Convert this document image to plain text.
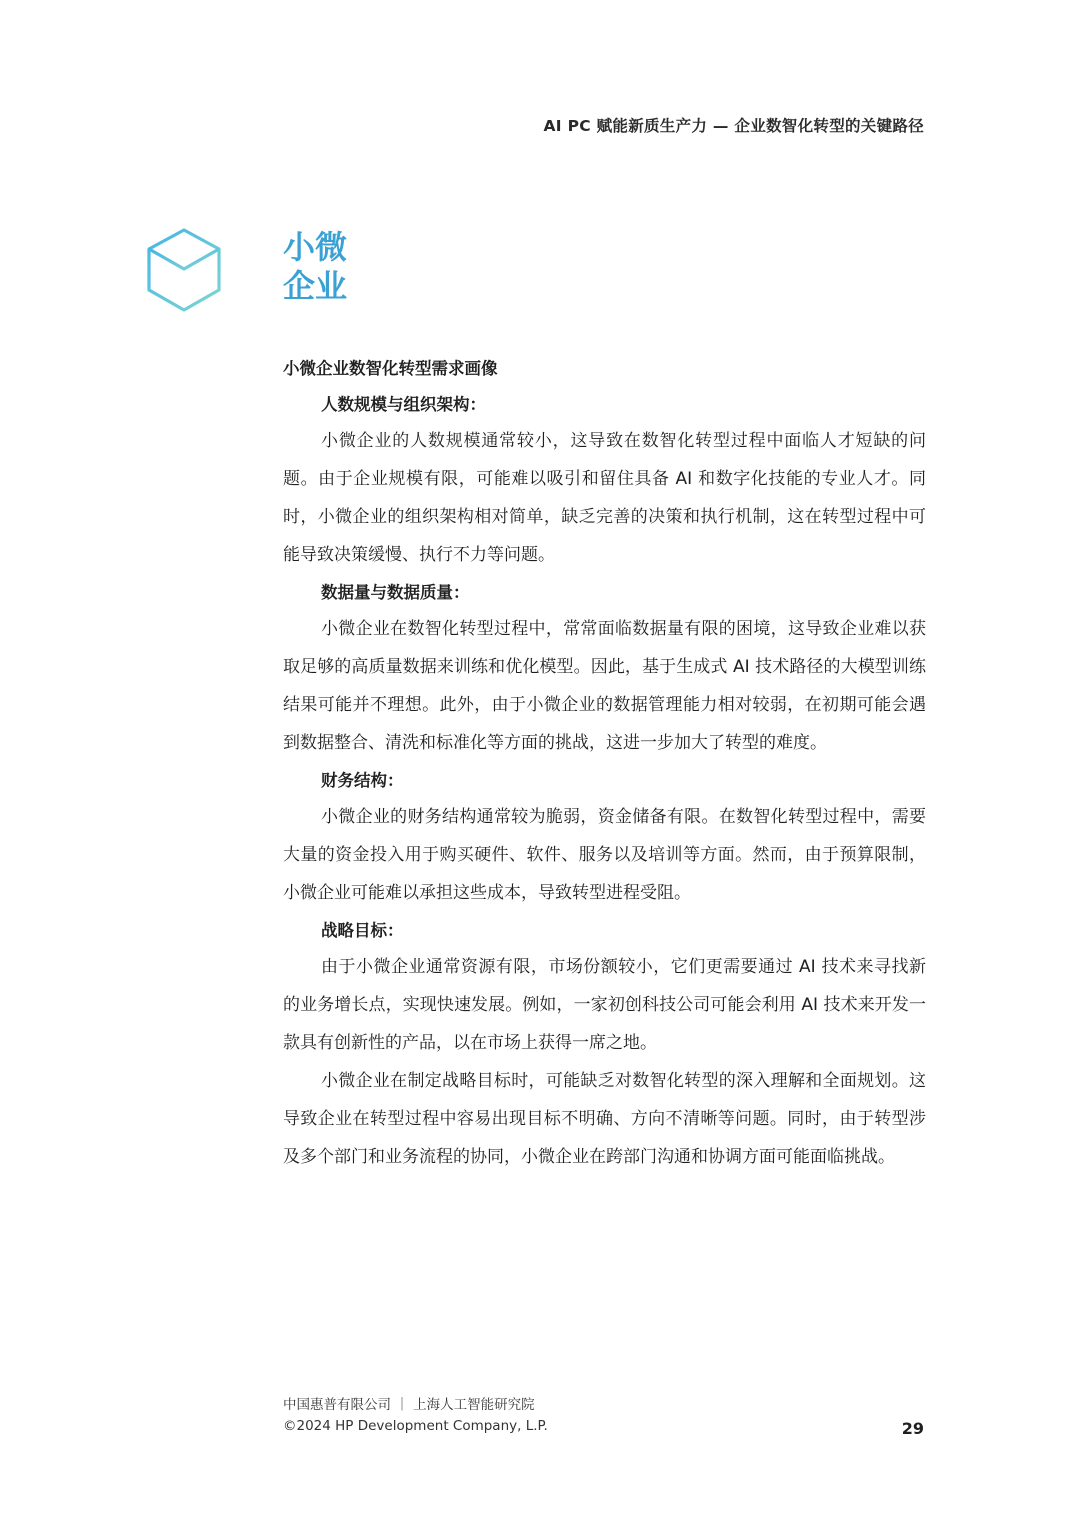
AI PC 赋能新质生产力 — 企业数智化转型的关键路径
小微
企业

小微企业数智化转型需求画像

人数规模与组织架构：

小微企业的人数规模通常较小，这导致在数智化转型过程中面临人才短缺的问题。由于企业规模有限，可能难以吸引和留住具备 AI 和数字化技能的专业人才。同时，小微企业的组织架构相对简单，缺乏完善的决策和执行机制，这在转型过程中可能导致决策缓慢、执行不力等问题。

数据量与数据质量：

小微企业在数智化转型过程中，常常面临数据量有限的困境，这导致企业难以获取足够的高质量数据来训练和优化模型。因此，基于生成式 AI 技术路径的大模型训练结果可能并不理想。此外，由于小微企业的数据管理能力相对较弱，在初期可能会遇到数据整合、清洗和标准化等方面的挑战，这进一步加大了转型的难度。

财务结构：

小微企业的财务结构通常较为脆弱，资金储备有限。在数智化转型过程中，需要大量的资金投入用于购买硬件、软件、服务以及培训等方面。然而，由于预算限制，小微企业可能难以承担这些成本，导致转型进程受阻。

战略目标：

由于小微企业通常资源有限，市场份额较小，它们更需要通过 AI 技术来寻找新的业务增长点，实现快速发展。例如，一家初创科技公司可能会利用 AI 技术来开发一款具有创新性的产品，以在市场上获得一席之地。

小微企业在制定战略目标时，可能缺乏对数智化转型的深入理解和全面规划。这导致企业在转型过程中容易出现目标不明确、方向不清晰等问题。同时，由于转型涉及多个部门和业务流程的协同，小微企业在跨部门沟通和协调方面可能面临挑战。

中国惠普有限公司 ｜ 上海人工智能研究院
©2024 HP Development Company, L.P.	29
